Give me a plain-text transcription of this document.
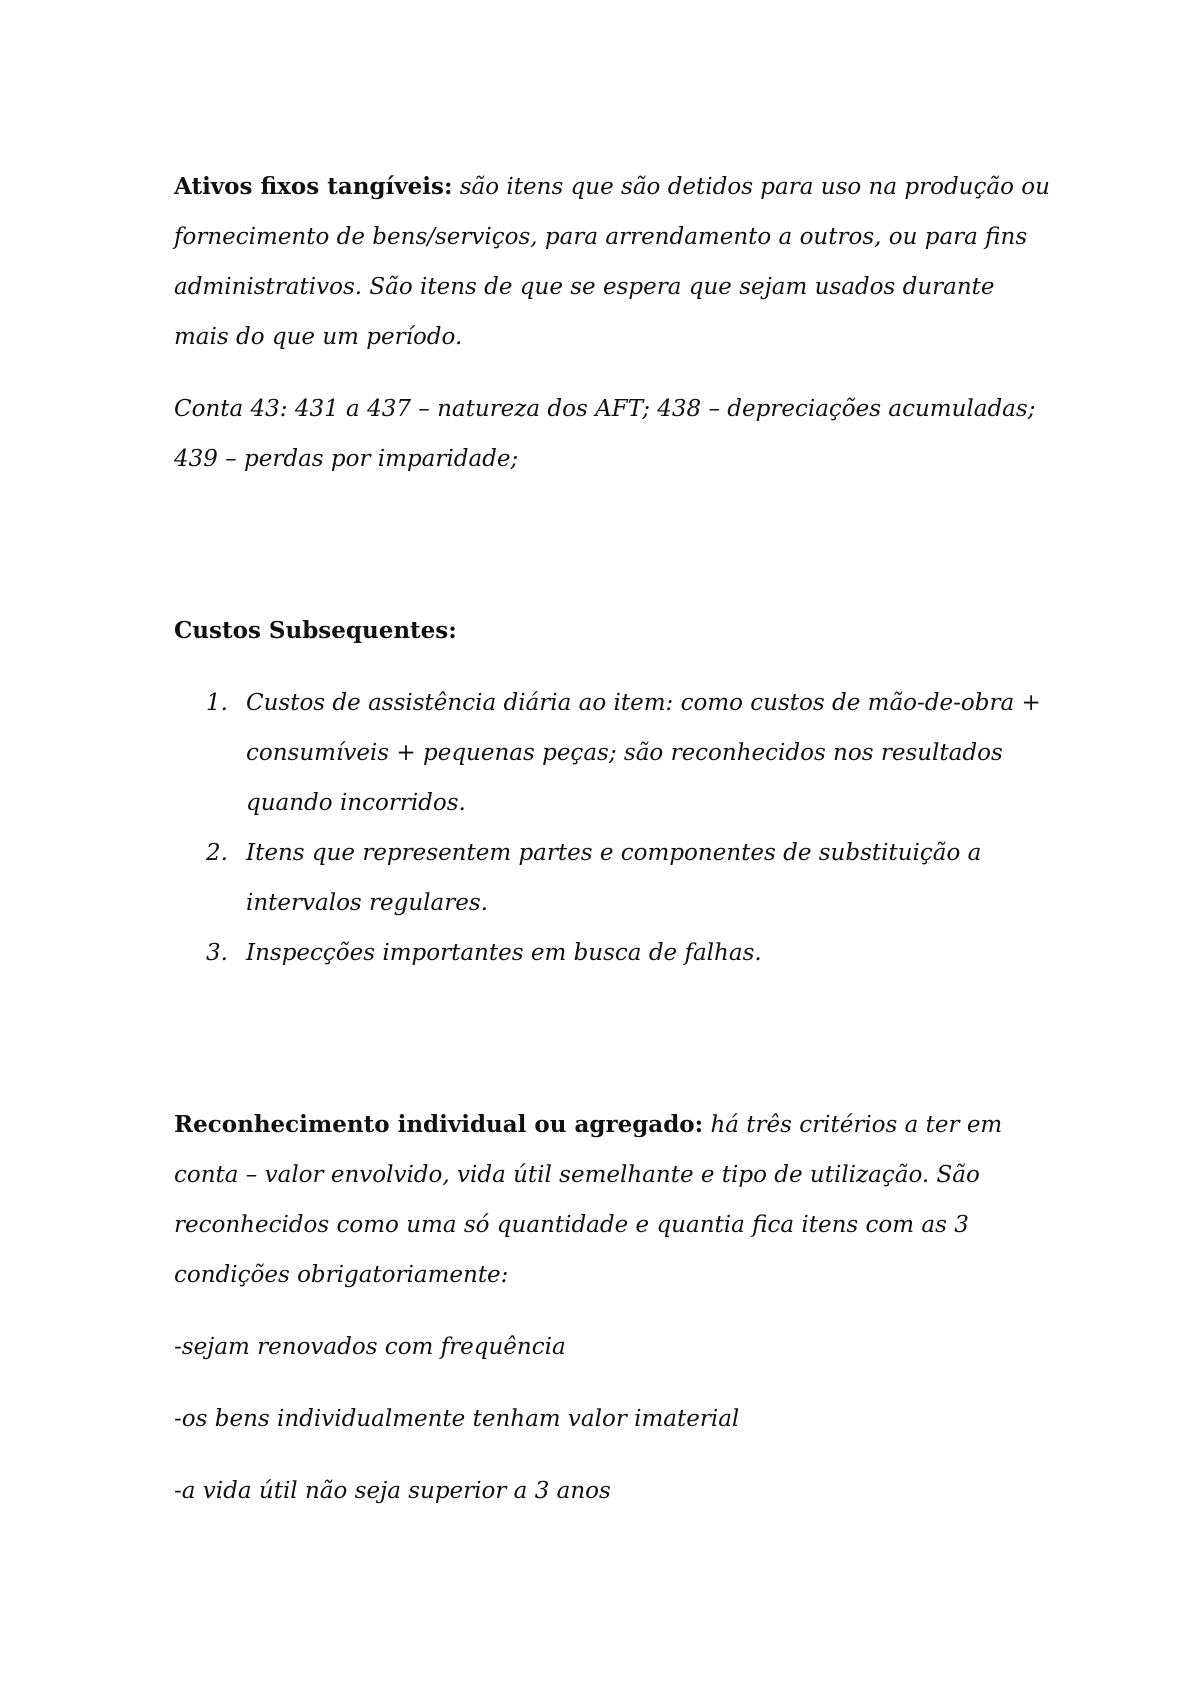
Ativos fixos tangíveis: são itens que são detidos para uso na produção ou fornecimento de bens/serviços, para arrendamento a outros, ou para fins administrativos. São itens de que se espera que sejam usados durante mais do que um período.

Conta 43: 431 a 437 – natureza dos AFT; 438 – depreciações acumuladas; 439 – perdas por imparidade;

Custos Subsequentes:

1. Custos de assistência diária ao item: como custos de mão-de-obra + consumíveis + pequenas peças; são reconhecidos nos resultados quando incorridos.
2. Itens que representem partes e componentes de substituição a intervalos regulares.
3. Inspecções importantes em busca de falhas.

Reconhecimento individual ou agregado: há três critérios a ter em conta – valor envolvido, vida útil semelhante e tipo de utilização. São reconhecidos como uma só quantidade e quantia fica itens com as 3 condições obrigatoriamente:

-sejam renovados com frequência

-os bens individualmente tenham valor imaterial

-a vida útil não seja superior a 3 anos
